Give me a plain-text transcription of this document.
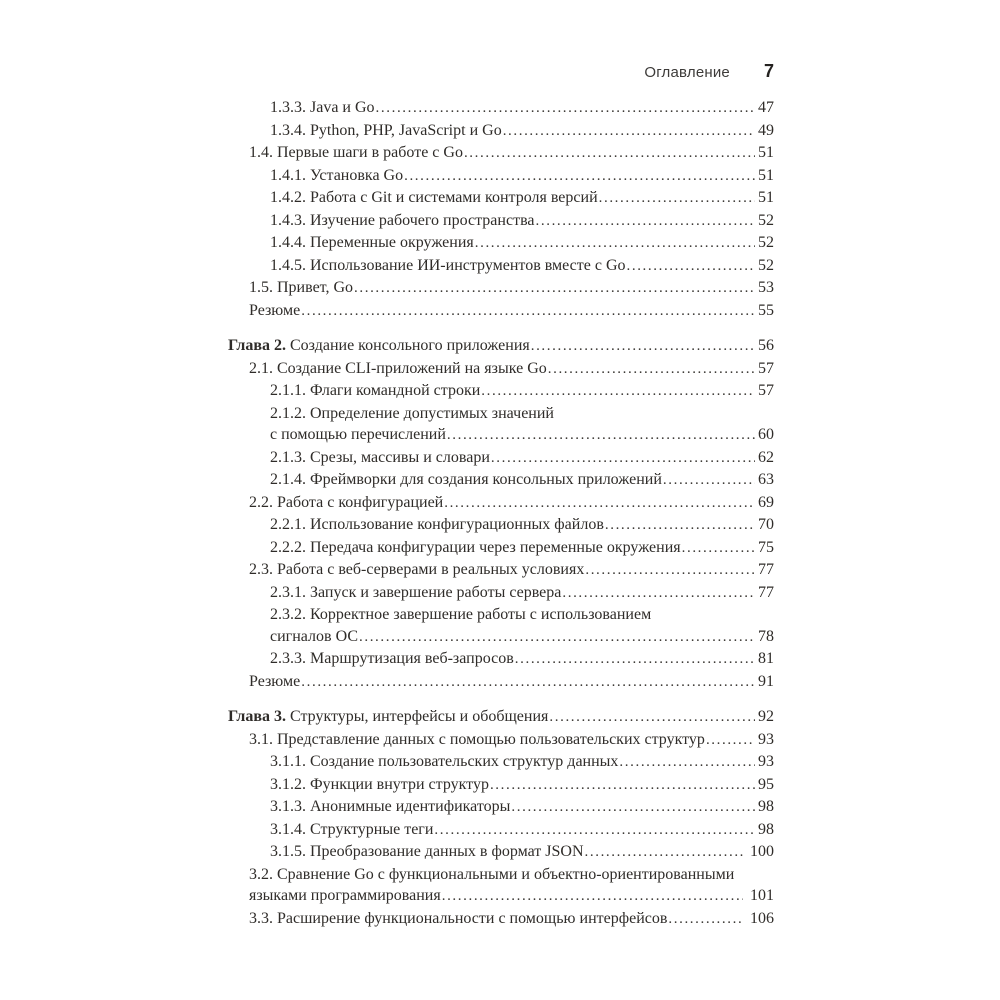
Оглавление 7
1.3.3. Java и Go .....	47
1.3.4. Python, PHP, JavaScript и Go .....	49
1.4. Первые шаги в работе с Go .....	51
1.4.1. Установка Go .....	51
1.4.2. Работа с Git и системами контроля версий .....	51
1.4.3. Изучение рабочего пространства .....	52
1.4.4. Переменные окружения .....	52
1.4.5. Использование ИИ-инструментов вместе с Go .....	52
1.5. Привет, Go .....	53
Резюме .....	55
Глава 2. Создание консольного приложения .....	56
2.1. Создание CLI-приложений на языке Go .....	57
2.1.1. Флаги командной строки .....	57
2.1.2. Определение допустимых значений
с помощью перечислений .....	60
2.1.3. Срезы, массивы и словари .....	62
2.1.4. Фреймворки для создания консольных приложений .....	63
2.2. Работа с конфигурацией .....	69
2.2.1. Использование конфигурационных файлов .....	70
2.2.2. Передача конфигурации через переменные окружения .....	75
2.3. Работа с веб-серверами в реальных условиях .....	77
2.3.1. Запуск и завершение работы сервера .....	77
2.3.2. Корректное завершение работы с использованием
сигналов ОС .....	78
2.3.3. Маршрутизация веб-запросов .....	81
Резюме .....	91
Глава 3. Структуры, интерфейсы и обобщения .....	92
3.1. Представление данных с помощью пользовательских структур .....	93
3.1.1. Создание пользовательских структур данных .....	93
3.1.2. Функции внутри структур .....	95
3.1.3. Анонимные идентификаторы .....	98
3.1.4. Структурные теги .....	98
3.1.5. Преобразование данных в формат JSON .....	100
3.2. Сравнение Go с функциональными и объектно-ориентированными
языками программирования .....	101
3.3. Расширение функциональности с помощью интерфейсов .....	106
